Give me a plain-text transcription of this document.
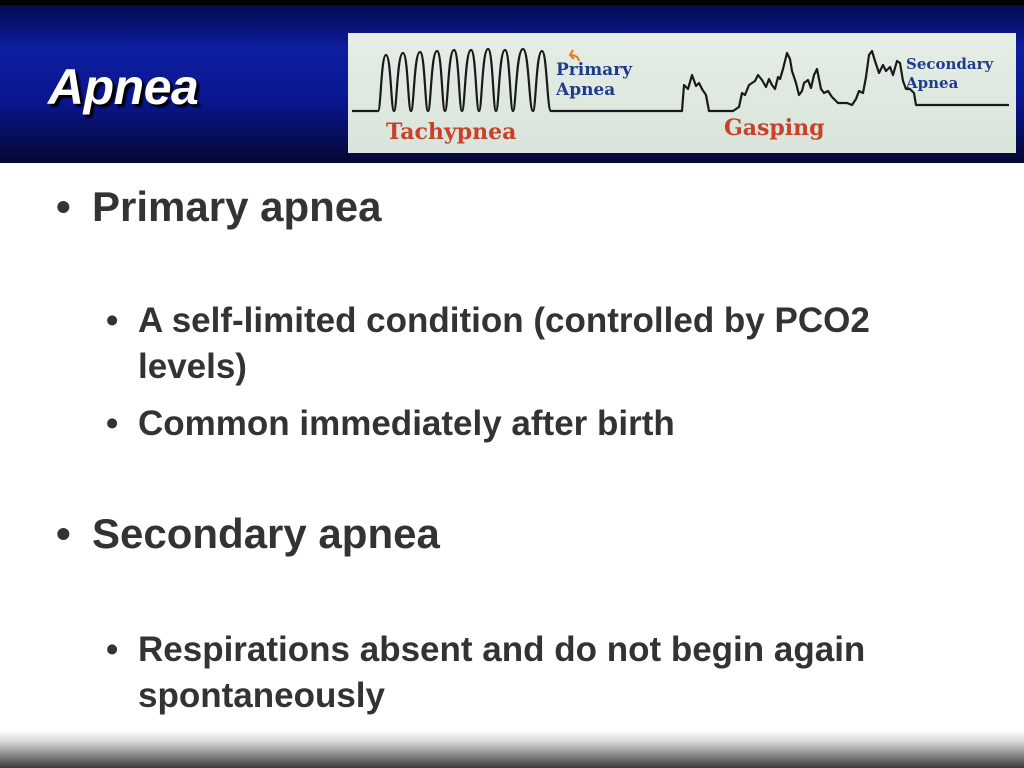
Apnea	Primary
Apnea
Secondary
Apnea
Tachypnea	Gasping
• Primary apnea
• A self-limited condition (controlled by PCO2 levels)
• Common immediately after birth
• Secondary apnea
• Respirations absent and do not begin again spontaneously
